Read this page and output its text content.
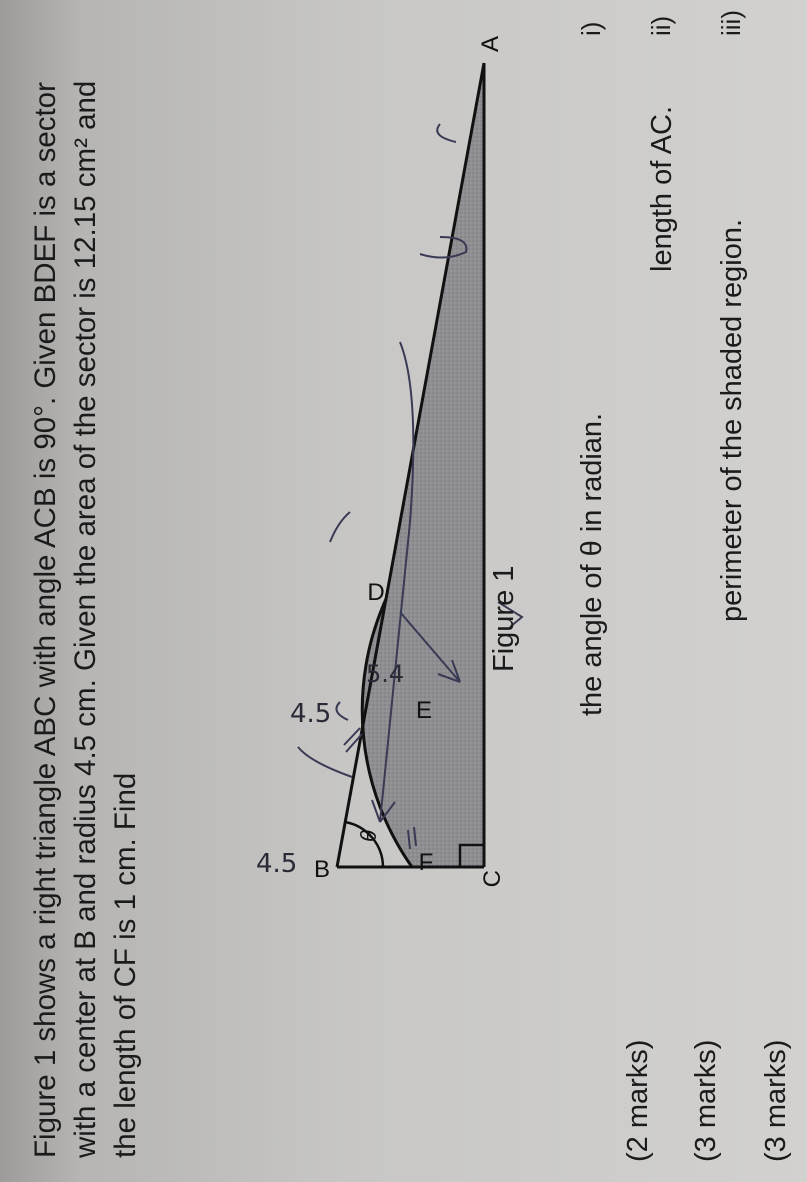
Figure 1 shows a right triangle ABC with angle ACB is 90°. Given BDEF is a sector with a center at B and radius 4.5 cm. Given the area of the sector is 12.15 cm² and the length of CF is 1 cm. Find	B	C
A
D
E
F
θ
4.5
4.5
5.4
Figure 1
i)
the angle of θ in radian.
(2 marks)
ii)
length of AC.
(3 marks)
iii)
perimeter of the shaded region.
(3 marks)
